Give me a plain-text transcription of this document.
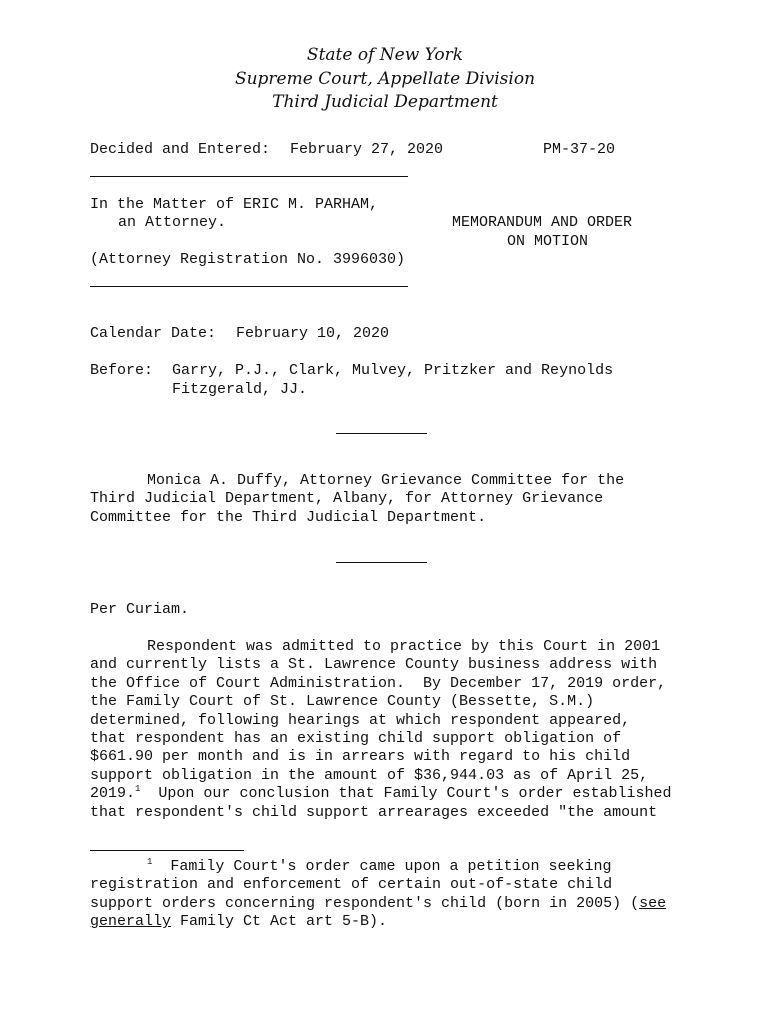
State of New York
Supreme Court, Appellate Division
Third Judicial Department
Decided and Entered: February 27, 2020	PM-37-20
In the Matter of ERIC M. PARHAM,
an Attorney.
(Attorney Registration No. 3996030)
MEMORANDUM AND ORDER
ON MOTION
Calendar Date: February 10, 2020
Before: Garry, P.J., Clark, Mulvey, Pritzker and Reynolds
Fitzgerald, JJ.
Monica A. Duffy, Attorney Grievance Committee for the
Third Judicial Department, Albany, for Attorney Grievance
Committee for the Third Judicial Department.
Per Curiam.
Respondent was admitted to practice by this Court in 2001
and currently lists a St. Lawrence County business address with
the Office of Court Administration.  By December 17, 2019 order,
the Family Court of St. Lawrence County (Bessette, S.M.)
determined, following hearings at which respondent appeared,
that respondent has an existing child support obligation of
$661.90 per month and is in arrears with regard to his child
support obligation in the amount of $36,944.03 as of April 25,
2019.$^1$  Upon our conclusion that Family Court's order established
that respondent's child support arrearages exceeded "the amount
$^1$ Family Court's order came upon a petition seeking
registration and enforcement of certain out-of-state child
support orders concerning respondent's child (born in 2005) (see
generally Family Ct Act art 5-B).
